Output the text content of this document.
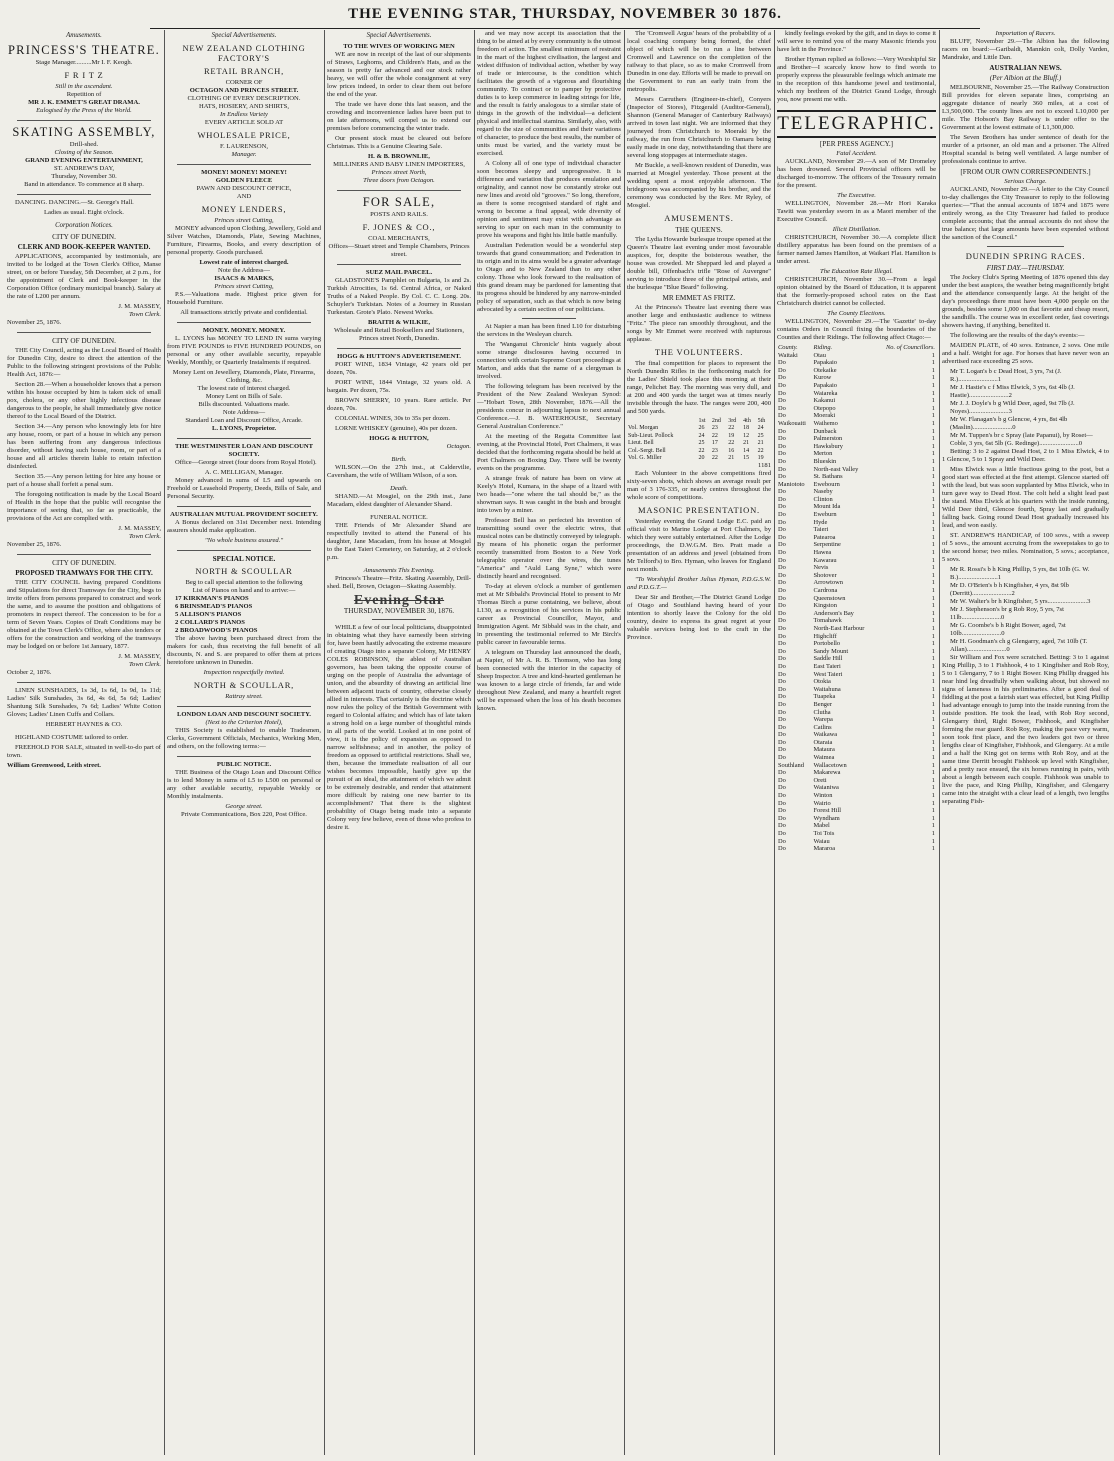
THE EVENING STAR, THURSDAY, NOVEMBER 30 1876.
Amusements.
PRINCESS'S THEATRE.
Stage Manager..........Mr I. F. Keogh.
F R I T Z
Still in the ascendant.
Repetition of
MR J. K. EMMET'S GREAT DRAMA.
Eulogised by the Press of the World.
SKATING ASSEMBLY,
Drill-shed.
Closing of the Season.
GRAND EVENING ENTERTAINMENT,
ST. ANDREW'S DAY,
Thursday, November 30.
Band in attendance. To commence at 8 sharp.
DANCING. DANCING.—St. George's Hall.
Ladies as usual. Eight o'clock.
Corporation Notices.
CITY OF DUNEDIN.
CLERK AND BOOK-KEEPER WANTED.
APPLICATIONS, accompanied by testimonials, are invited to be lodged at the Town Clerk's Office, Manse street, on or before Tuesday, 5th December, at 2 p.m., for the appointment of Clerk and Book-keeper in the Corporation Office (ordinary municipal branch). Salary at the rate of L200 per annum.
J. M. MASSEY,
Town Clerk.
November 25, 1876.
CITY OF DUNEDIN.
THE City Council, acting as the Local Board of Health for Dunedin City, desire to direct the attention of the Public to the following stringent provisions of the Public Health Act, 1876:—
Section 28.—When a householder knows that a person within his house occupied by him is taken sick of small pox, cholera, or any other highly infectious disease dangerous to the people, he shall immediately give notice thereof to the Local Board of the District.
Section 34.—Any person who knowingly lets for hire any house, room, or part of a house in which any person has been suffering from any dangerous infectious disorder, without having such house, room, or part of a house and all articles therein liable to retain infection disinfected.
Section 35.—Any person letting for hire any house or part of a house shall forfeit a penal sum.
The foregoing notification is made by the Local Board of Health in the hope that the public will recognise the importance of seeing that, so far as practicable, the provisions of the Act are complied with.
J. M. MASSEY,
Town Clerk.
November 25, 1876.
CITY OF DUNEDIN.
PROPOSED TRAMWAYS FOR THE CITY.
THE CITY COUNCIL having prepared Conditions and Stipulations for direct Tramways for the City, begs to invite offers from persons prepared to construct and work the same, and to assume the position and obligations of promoters in respect thereof. The concession to be for a term of Seven Years. Copies of Draft Conditions may be obtained at the Town Clerk's Office, where also tenders or offers for the construction and working of the tramways may be lodged on or before 1st January, 1877.
J. M. MASSEY,
Town Clerk.
October 2, 1876.
LINEN SUNSHADES, 1s 3d, 1s 6d, 1s 9d, 1s 11d; Ladies' Silk Sunshades, 3s 6d, 4s 6d, 5s 6d; Ladies' Shantung Silk Sunshades, 7s 6d; Ladies' White Cotton Gloves; Ladies' Linen Cuffs and Collars.
HERBERT HAYNES & CO.
HIGHLAND COSTUME tailored to order.
FREEHOLD FOR SALE, situated in well-to-do part of town.
William Greenwood, Leith street.
Special Advertisements.
NEW ZEALAND CLOTHING FACTORY'S
RETAIL BRANCH,
CORNER OF
OCTAGON AND PRINCES STREET.
CLOTHING OF EVERY DESCRIPTION.
HATS, HOSIERY, AND SHIRTS,
In Endless Variety
EVERY ARTICLE SOLD AT
WHOLESALE PRICE,
F. LAURENSON,
Manager.
MONEY! MONEY! MONEY!
GOLDEN FLEECE
PAWN AND DISCOUNT OFFICE,
AND
MONEY LENDERS,
Princes street Cutting,
MONEY advanced upon Clothing, Jewellery, Gold and Silver Watches, Diamonds, Plate, Sewing Machines, Furniture, Firearms, Books, and every description of personal property. Goods purchased.
Lowest rate of interest charged.
Note the Address—
ISAACS & MARKS,
Princes street Cutting,
P.S.—Valuations made. Highest price given for Household Furniture.
All transactions strictly private and confidential.
MONEY. MONEY. MONEY.
L. LYONS has MONEY TO LEND IN sums varying from FIVE POUNDS to FIVE HUNDRED POUNDS, on personal or any other available security, repayable Weekly, Monthly, or Quarterly Instalments if required.
Money Lent on Jewellery, Diamonds, Plate, Firearms, Clothing, &c.
The lowest rate of interest charged.
Money Lent on Bills of Sale.
Bills discounted. Valuations made.
Note Address—
Standard Loan and Discount Office, Arcade.
L. LYONS, Proprietor.
THE WESTMINSTER LOAN AND DISCOUNT SOCIETY.
Office—George street (four doors from Royal Hotel).
A. C. MELLIGAN, Manager.
Money advanced in sums of L5 and upwards on Freehold or Leasehold Property, Deeds, Bills of Sale, and Personal Security.
AUSTRALIAN MUTUAL PROVIDENT SOCIETY.
A Bonus declared on 31st December next. Intending assurers should make application.
"No whole business assured."
SPECIAL NOTICE.
NORTH & SCOULLAR
Beg to call special attention to the following
List of Pianos on hand and to arrive:—
17 KIRKMAN'S PIANOS
6 BRINSMEAD'S PIANOS
5 ALLISON'S PIANOS
2 COLLARD'S PIANOS
2 BROADWOOD'S PIANOS
The above having been purchased direct from the makers for cash, thus receiving the full benefit of all discounts, N. and S. are prepared to offer them at prices heretofore unknown in Dunedin.
Inspection respectfully invited.
NORTH & SCOULLAR,
Rattray street.
LONDON LOAN AND DISCOUNT SOCIETY.
(Next to the Criterion Hotel),
THIS Society is established to enable Tradesmen, Clerks, Government Officials, Mechanics, Working Men, and others, on the following terms:—
PUBLIC NOTICE.
THE Business of the Otago Loan and Discount Office is to lend Money in sums of L5 to L500 on personal or any other available security, repayable Weekly or Monthly instalments.
George street.
Private Communications, Box 220, Post Office.
Special Advertisements.
TO THE WIVES OF WORKING MEN
WE are now in receipt of the last of our shipments of Straws, Leghorns, and Children's Hats, and as the season is pretty far advanced and our stock rather heavy, we will offer the whole consignment at very low prices indeed, in order to clear them out before the end of the year.
The trade we have done this last season, and the crowding and inconvenience ladies have been put to on late afternoons, will compel us to extend our premises before commencing the winter trade.
Our present stock must be cleared out before Christmas. This is a Genuine Clearing Sale.
H. & B. BROWNLIE,
MILLINERS AND BABY LINEN IMPORTERS,
Princes street North,
Three doors from Octagon.
FOR SALE,
POSTS AND RAILS.
F. JONES & CO.,
COAL MERCHANTS,
Offices—Stuart street and Temple Chambers, Princes street.
SUEZ MAIL PARCEL.
GLADSTONE'S Pamphlet on Bulgaria, 1s and 2s. Turkish Atrocities, 1s 6d. Central Africa, or Naked Truths of a Naked People. By Col. C. C. Long. 20s. Schuyler's Turkistan. Notes of a Journey in Russian Turkestan. Grote's Plato. Newest Works.
BRAITH & WILKIE,
Wholesale and Retail Booksellers and Stationers, Princes street North, Dunedin.
HOGG & HUTTON'S ADVERTISEMENT.
PORT WINE, 1834 Vintage, 42 years old per dozen, 70s.
PORT WINE, 1844 Vintage, 32 years old. A bargain. Per dozen, 75s.
BROWN SHERRY, 10 years. Rare article. Per dozen, 70s.
COLONIAL WINES, 30s to 35s per dozen.
LORNE WHISKEY (genuine), 40s per dozen.
HOGG & HUTTON,
Octagon.
Birth.
WILSON.—On the 27th inst., at Caldervilie, Caversham, the wife of William Wilson, of a son.
Death.
SHAND.—At Mosgiel, on the 29th inst., Jane Macadam, eldest daughter of Alexander Shand.
FUNERAL NOTICE.
THE Friends of Mr Alexander Shand are respectfully invited to attend the Funeral of his daughter, Jane Macadam, from his house at Mosgiel to the East Taieri Cemetery, on Saturday, at 2 o'clock p.m.
Amusements This Evening.
Princess's Theatre—Fritz. Skating Assembly, Drill-shed. Bell, Brown, Octagon—Skating Assembly.
Evening Star
THURSDAY, NOVEMBER 30, 1876.
WHILE a few of our local politicians, disappointed in obtaining what they have earnestly been striving for, have been hastily advocating the extreme measure of creating Otago into a separate Colony, Mr HENRY COLES ROBINSON, the ablest of Australian governors, has been taking the opposite course of urging on the people of Australia the advantage of union, and the absurdity of drawing an artificial line between adjacent tracts of country, otherwise closely allied in interests. That certainly is the doctrine which now rules the policy of the British Government with regard to Colonial affairs; and which has of late taken a strong hold on a large number of thoughtful minds in all parts of the world. Looked at in one point of view, it is the policy of expansion as opposed to narrow selfishness; and in another, the policy of freedom as opposed to artificial restrictions. Shall we, then, because the immediate realisation of all our wishes becomes impossible, hastily give up the pursuit of an ideal, the attainment of which we admit to be extremely desirable, and render that attainment more difficult by raising one new barrier to its accomplishment? That there is the slightest probability of Otago being made into a separate Colony very few believe, even of those who profess to desire it.
and we may now accept its association that the thing to be aimed at by every community is the utmost freedom of action. The smallest minimum of restraint in the mart of the highest civilisation, the largest and widest diffusion of individual action, whether by way of trade or intercourse, is the condition which facilitates the growth of a vigorous and flourishing community. To contract or to pamper by protective duties is to keep commerce in leading strings for life, and the result is fairly analogous to a similar state of things in the growth of the individual—a deficient physical and intellectual stamina. Similarly, also, with regard to the size of communities and their variations of character, to produce the best results, the number of units must be varied, and the variety must be exercised.
A Colony all of one type of individual character soon becomes sleepy and unprogressive. It is difference and variation that produces emulation and originality, and cannot now be constantly stroke out new lines and avoid old "grooves." So long, therefore, as there is some recognised standard of right and wrong to become a final appeal, wide diversity of opinion and sentiment may exist with advantage as serving to spur on each man in the community to prove his weapons and fight his little battle manfully.
Australian Federation would be a wonderful step towards that grand consummation; and Federation in its origin and in its aims would be a greater advantage to Otago and to New Zealand than to any other colony. Those who look forward to the realisation of this grand dream may be pardoned for lamenting that its progress should be hindered by any narrow-minded policy of separation, such as that which is now being advocated by a certain section of our politicians.
At Napier a man has been fined L10 for disturbing the services in the Wesleyan church.
The 'Wanganui Chronicle' hints vaguely about some strange disclosures having occurred in connection with certain Supreme Court proceedings at Marton, and adds that the name of a clergyman is involved.
The following telegram has been received by the President of the New Zealand Wesleyan Synod:—"Hobart Town, 28th November, 1876.—All the presidents concur in adjourning lapsus to next annual Conference.—J. B. WATERHOUSE, Secretary General Australian Conference."
At the meeting of the Regatta Committee last evening, at the Provincial Hotel, Port Chalmers, it was decided that the forthcoming regatta should be held at Port Chalmers on Boxing Day. There will be twenty events on the programme.
A strange freak of nature has been on view at Keely's Hotel, Kumara, in the shape of a lizard with two heads—"one where the tail should be," as the showman says. It was caught in the bush and brought into town by a miner.
Professor Bell has so perfected his invention of transmitting sound over the electric wires, that musical notes can be distinctly conveyed by telegraph. By means of his phonetic organ the performer recently transmitted from Boston to a New York telegraphic operator over the wires, the tunes "America" and "Auld Lang Syne," which were distinctly heard and recognised.
To-day at eleven o'clock a number of gentlemen met at Mr Sibbald's Provincial Hotel to present to Mr Thomas Birch a purse containing, we believe, about L130, as a recognition of his services in his public career as Provincial Councillor, Mayor, and Immigration Agent. Mr Sibbald was in the chair, and in presenting the testimonial referred to Mr Birch's public career in favourable terms.
A telegram on Thursday last announced the death, at Napier, of Mr A. R. B. Thomson, who has long been connected with the interior in the capacity of Sheep Inspector. A tree and kind-hearted gentleman he was known to a large circle of friends, far and wide throughout New Zealand, and many a heartfelt regret will be expressed when the loss of his death becomes known.
The 'Cromwell Argus' hears of the probability of a local coaching company being formed, the chief object of which will be to run a line between Cromwell and Lawrence on the completion of the railway to that place, so as to make Cromwell from Dunedin in one day. Efforts will be made to prevail on the Government to run an early train from the metropolis.
Messrs Carruthers (Engineer-in-chief), Conyers (Inspector of Stores), Fitzgerald (Auditor-General), Shannon (General Manager of Canterbury Railways) arrived in town last night. We are informed that they journeyed from Christchurch to Moeraki by the railway, the run from Christchurch to Oamaru being easily made in one day, notwithstanding that there are several long stoppages at intermediate stages.
Mr Buckle, a well-known resident of Dunedin, was married at Mosgiel yesterday. Those present at the wedding spent a most enjoyable afternoon. The bridegroom was accompanied by his brother, and the ceremony was conducted by the Rev. Mr Ryley, of Mosgiel.
AMUSEMENTS.
THE QUEEN'S.
The Lydia Howarde burlesque troupe opened at the Queen's Theatre last evening under most favourable auspices, for, despite the boisterous weather, the house was crowded. Mr Sheppard led and played a double bill, Offenbach's trifle "Rose of Auvergne" serving to introduce three of the principal artists, and the burlesque "Blue Beard" following.
MR EMMET AS FRITZ.
At the Princess's Theatre last evening there was another large and enthusiastic audience to witness "Fritz." The piece ran smoothly throughout, and the songs by Mr Emmet were received with rapturous applause.
THE VOLUNTEERS.
The final competition for places to represent the North Dunedin Rifles in the forthcoming match for the Ladies' Shield took place this morning at their range, Pelichet Bay. The morning was very dull, and at 200 and 400 yards the target was at times nearly invisible through the haze. The ranges were 200, 400 and 500 yards.
	1st	2nd	3rd	4th	5th
Vol. Morgan	26	23	22	18	24
Sub-Lieut. Pollock	24	22	19	12	25
Lieut. Bell	25	17	22	21	21
Col.-Sergt. Bell	22	23	16	14	22
Vol. G. Miller	20	22	21	15	19
1181
Each Volunteer in the above competitions fired sixty-seven shots, which shows an average result per man of 3 176-335, or nearly centres throughout the whole score of competitions.
MASONIC PRESENTATION.
Yesterday evening the Grand Lodge E.C. paid an official visit to Marine Lodge at Port Chalmers, by which they were suitably entertained. After the Lodge proceedings, the D.W.G.M. Bro. Pratt made a presentation of an address and jewel (obtained from Mr Telford's) to Bro. Hyman, who leaves for England next month.
"To Worshipful Brother Julius Hyman, P.D.G.S.W. and P.D.G.T.—
Dear Sir and Brother,—The District Grand Lodge of Otago and Southland having heard of your intention to shortly leave the Colony for the old country, desire to express its great regret at your valuable services being lost to the craft in the Province.
kindly feelings evoked by the gift, and in days to come it will serve to remind you of the many Masonic friends you have left in the Province."
Brother Hyman replied as follows:—Very Worshipful Sir and Brother—I scarcely know how to find words to properly express the pleasurable feelings which animate me in the reception of this handsome jewel and testimonial, which my brethren of the District Grand Lodge, through you, now present me with.
TELEGRAPHIC.
[PER PRESS AGENCY.]
Fatal Accident.
AUCKLAND, November 29.—A son of Mr Dromeley has been drowned. Several Provincial officers will be discharged to-morrow. The officers of the Treasury remain for the present.
The Executive.
WELLINGTON, November 28.—Mr Hori Karaka Tawiti was yesterday sworn in as a Maori member of the Executive Council.
Illicit Distillation.
CHRISTCHURCH, November 30.—A complete illicit distillery apparatus has been found on the premises of a farmer named James Hamilton, at Waikari Flat. Hamilton is under arrest.
The Education Rate Illegal.
CHRISTCHURCH, November 30.—From a legal opinion obtained by the Board of Education, it is apparent that the formerly-proposed school rates on the East Christchurch district cannot be collected.
The County Elections.
WELLINGTON, November 29.—The 'Gazette' to-day contains Orders in Council fixing the boundaries of the Counties and their Ridings. The following affect Otago:—
County.	Riding.	No. of Councillors.
Waitaki	Otau	1
Do	Papakaio	1
Do	Otekaike	1
Do	Kurow	1
Do	Papakaio	1
Do	Waiareka	1
Do	Kakanui	1
Do	Otepopo	1
Do	Moeraki	1
Waikouaiti	Waihemo	1
Do	Dunback	1
Do	Palmerston	1
Do	Hawksbury	1
Do	Merton	1
Do	Blueskin	1
Do	North-east Valley	1
Do	St. Bathans	1
Maniototo	Ewebourn	1
Do	Naseby	1
Do	Clinton	1
Do	Mount Ida	1
Do	Eweburn	1
Do	Hyde	1
Do	Taieri	1
Do	Patearoa	1
Do	Serpentine	1
Do	Hawea	1
Do	Kawarau	1
Do	Nevis	1
Do	Shotover	1
Do	Arrowtown	1
Do	Cardrona	1
Do	Queenstown	1
Do	Kingston	1
Do	Anderson's Bay	1
Do	Tomahawk	1
Do	North-East Harbour	1
Do	Highcliff	1
Do	Portobello	1
Do	Sandy Mount	1
Do	Saddle Hill	1
Do	East Taieri	1
Do	West Taieri	1
Do	Otokia	1
Do	Waitahuna	1
Do	Tuapeka	1
Do	Benger	1
Do	Clutha	1
Do	Warepa	1
Do	Catlins	1
Do	Waikawa	1
Do	Otaraia	1
Do	Mataura	1
Do	Waimea	1
Southland	Wallacetown	1
Do	Makarewa	1
Do	Oreti	1
Do	Waianiwa	1
Do	Winton	1
Do	Wairio	1
Do	Forest Hill	1
Do	Wyndham	1
Do	Mabel	1
Do	Toi Tois	1
Do	Waiau	1
Do	Mararoa	1
Importation of Racers.
BLUFF, November 29.—The Albion has the following racers on board:—Garibaldi, Mannkin colt, Dolly Varden, Mandrake, and Little Dan.
AUSTRALIAN NEWS.
(Per Albion at the Bluff.)
MELBOURNE, November 25.—The Railway Construction Bill provides for eleven separate lines, comprising an aggregate distance of nearly 360 miles, at a cost of L3,500,000. The county lines are not to exceed L10,000 per mile. The Hobson's Bay Railway is under offer to the Government at the lowest estimate of L1,300,000.
The Seven Brothers has under sentence of death for the murder of a prisoner, an old man and a prisoner. The Alfred Hospital scandal is being well ventilated. A large number of professionals continue to arrive.
[FROM OUR OWN CORRESPONDENTS.]
Serious Charge.
AUCKLAND, November 29.—A letter to the City Council to-day challenges the City Treasurer to reply to the following queries:—"That the annual accounts of 1874 and 1875 were entirely wrong, as the City Treasurer had failed to produce complete accounts; that the annual accounts do not show the true balance; that large amounts have been expended without the sanction of the Council."
DUNEDIN SPRING RACES.
FIRST DAY.—THURSDAY.
The Jockey Club's Spring Meeting of 1876 opened this day under the best auspices, the weather being magnificently bright and the attendance consequently large. At the height of the day's proceedings there must have been 4,000 people on the grounds, besides some 1,000 on that favorite and cheap resort, the sandhills. The course was in excellent order, fast coverings showers having, if anything, benefited it.
The following are the results of the day's events:—
MAIDEN PLATE, of 40 sovs. Entrance, 2 sovs. One mile and a half. Weight for age. For horses that have never won an advertised race exceeding 25 sovs.
Mr T. Logan's b c Dead Host, 3 yrs, 7st (J. R.)........................1
Mr J. Hastie's c f Miss Elwick, 3 yrs, 6st 4lb (J. Hastie)........................2
Mr J. J. Doyle's b g Wild Deer, aged, 9st 7lb (J. Noyes)........................3
Mr W. Flanagan's b g Glencoe, 4 yrs, 8st 4lb (Maslin)........................0
Mr M. Tuppen's br c Spray (late Papanui), by Roset—Coble, 3 yrs, 6st 5lb (G. Redinge)........................0
Betting: 3 to 2 against Dead Host, 2 to 1 Miss Elwick, 4 to 1 Glencoe, 5 to 1 Spray and Wild Deer.
Miss Elwick was a little fractious going to the post, but a good start was effected at the first attempt. Glencoe started off with the lead, but was soon supplanted by Miss Elwick, who in turn gave way to Dead Host. The colt held a slight lead past the stand. Miss Elwick at his quarters with the inside running, Wild Deer third, Glencoe fourth, Spray last and gradually falling back. Going round Dead Host gradually increased his lead, and won easily.
ST. ANDREW'S HANDICAP, of 100 sovs., with a sweep of 5 sovs., the amount accruing from the sweepstakes to go to the second horse; two miles. Nomination, 5 sovs.; acceptance, 5 sovs.
Mr R. Rossi's b h King Phillip, 5 yrs, 8st 10lb (G. W. B.)........................1
Mr D. O'Brien's b h Kingfisher, 4 yrs, 8st 9lb (Derritt)........................2
Mr W. Walter's br h Kingfisher, 5 yrs........................3
Mr J. Stephenson's br g Rob Roy, 5 yrs, 7st 11lb........................0
Mr G. Coombe's b h Right Bower, aged, 7st 10lb........................0
Mr H. Goodman's ch g Glengarry, aged, 7st 10lb (T. Allan)........................0
Sir William and Fox were scratched. Betting: 3 to 1 against King Phillip, 3 to 1 Fishhook, 4 to 1 Kingfisher and Rob Roy, 5 to 1 Glengarry, 7 to 1 Right Bower. King Phillip dragged his near hind leg dreadfully when walking about, but showed no signs of lameness in his preliminaries. After a good deal of fiddling at the post a fairish start was effected, but King Phillip had advantage enough to jump into the inside running from the outside position. He took the lead, with Rob Roy second, Glengarry third, Right Bower, Fishhook, and Kingfisher forming the rear guard. Rob Roy, making the pace very warm, soon took first place, and the two leaders got two or three lengths clear of Kingfisher, Fishhook, and Glengarry. At a mile and a half the King got on terms with Rob Roy, and at the same time Derritt brought Fishhook up level with Kingfisher, and a pretty race ensued, the six horses running in pairs, with about a length between each couple. Fishhook was unable to live the pace, and King Phillip, Kingfisher, and Glengarry came into the straight with a clear lead of a length, two lengths separating Fish-
